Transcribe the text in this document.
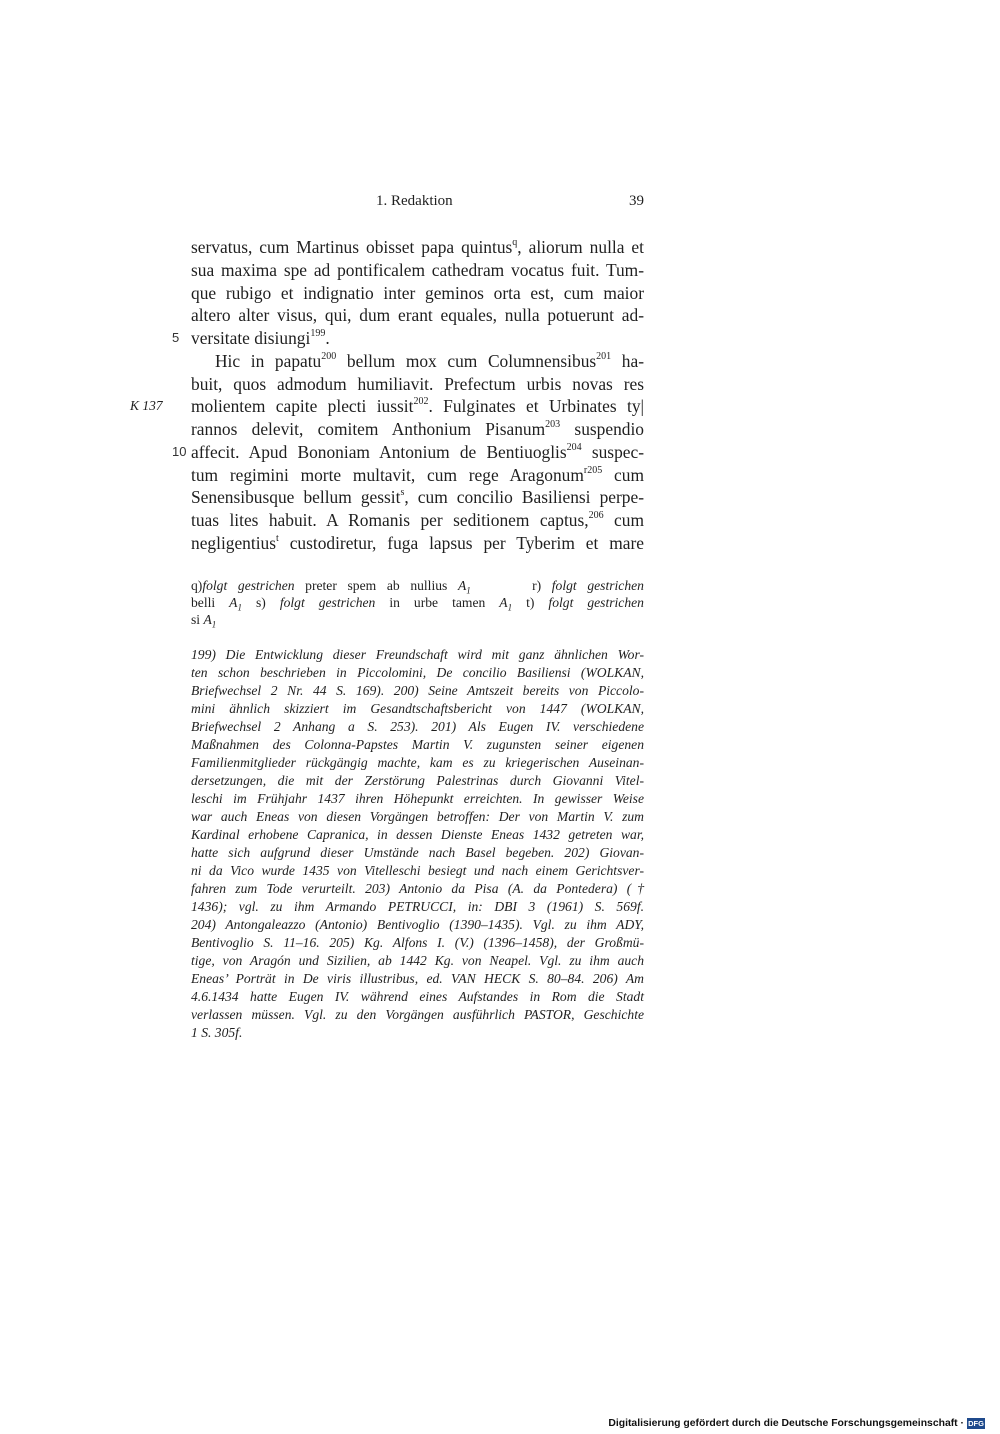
1. Redaktion	39
servatus, cum Martinus obisset papa quintus$^q$, aliorum nulla et
sua maxima spe ad pontificalem cathedram vocatus fuit. Tum-
que rubigo et indignatio inter geminos orta est, cum maior
altero alter visus, qui, dum erant equales, nulla potuerunt ad-
5 versitate disiungi$^{199}$.
Hic in papatu$^{200}$ bellum mox cum Columnensibus$^{201}$ ha-
buit, quos admodum humiliavit. Prefectum urbis novas res
K 137 molientem capite plecti iussit$^{202}$. Fulginates et Urbinates ty|
rannos delevit, comitem Anthonium Pisanum$^{203}$ suspendio
10 affecit. Apud Bononiam Antonium de Bentiuoglis$^{204}$ suspec-
tum regimini morte multavit, cum rege Aragonum$^{r205}$ cum
Senensibusque bellum gessit$^s$, cum concilio Basiliensi perpe-
tuas lites habuit. A Romanis per seditionem captus,$^{206}$ cum
negligentius$^t$ custodiretur, fuga lapsus per Tyberim et mare
q)folgt gestrichen preter spem ab nullius $A_1$	r) folgt gestrichen
belli $A_1$ s) folgt gestrichen in urbe tamen $A_1$ t) folgt gestrichen
si $A_1$
199) Die Entwicklung dieser Freundschaft wird mit ganz ähnlichen Wor-
ten schon beschrieben in Piccolomini, De concilio Basiliensi (WOLKAN,
Briefwechsel 2 Nr. 44 S. 169). 200) Seine Amtszeit bereits von Piccolo-
mini ähnlich skizziert im Gesandtschaftsbericht von 1447 (WOLKAN,
Briefwechsel 2 Anhang a S. 253). 201) Als Eugen IV. verschiedene
Maßnahmen des Colonna-Papstes Martin V. zugunsten seiner eigenen
Familienmitglieder rückgängig machte, kam es zu kriegerischen Auseinan-
dersetzungen, die mit der Zerstörung Palestrinas durch Giovanni Vitel-
leschi im Frühjahr 1437 ihren Höhepunkt erreichten. In gewisser Weise
war auch Eneas von diesen Vorgängen betroffen: Der von Martin V. zum
Kardinal erhobene Capranica, in dessen Dienste Eneas 1432 getreten war,
hatte sich aufgrund dieser Umstände nach Basel begeben. 202) Giovan-
ni da Vico wurde 1435 von Vitelleschi besiegt und nach einem Gerichtsver-
fahren zum Tode verurteilt. 203) Antonio da Pisa (A. da Pontedera) (†
1436); vgl. zu ihm Armando PETRUCCI, in: DBI 3 (1961) S. 569f.
204) Antongaleazzo (Antonio) Bentivoglio (1390–1435). Vgl. zu ihm ADY,
Bentivoglio S. 11–16. 205) Kg. Alfons I. (V.) (1396–1458), der Großmü-
tige, von Aragón und Sizilien, ab 1442 Kg. von Neapel. Vgl. zu ihm auch
Eneas’ Porträt in De viris illustribus, ed. VAN HECK S. 80–84. 206) Am
4.6.1434 hatte Eugen IV. während eines Aufstandes in Rom die Stadt
verlassen müssen. Vgl. zu den Vorgängen ausführlich PASTOR, Geschichte
1 S. 305f.
Digitalisierung gefördert durch die Deutsche Forschungsgemeinschaft · DFG
